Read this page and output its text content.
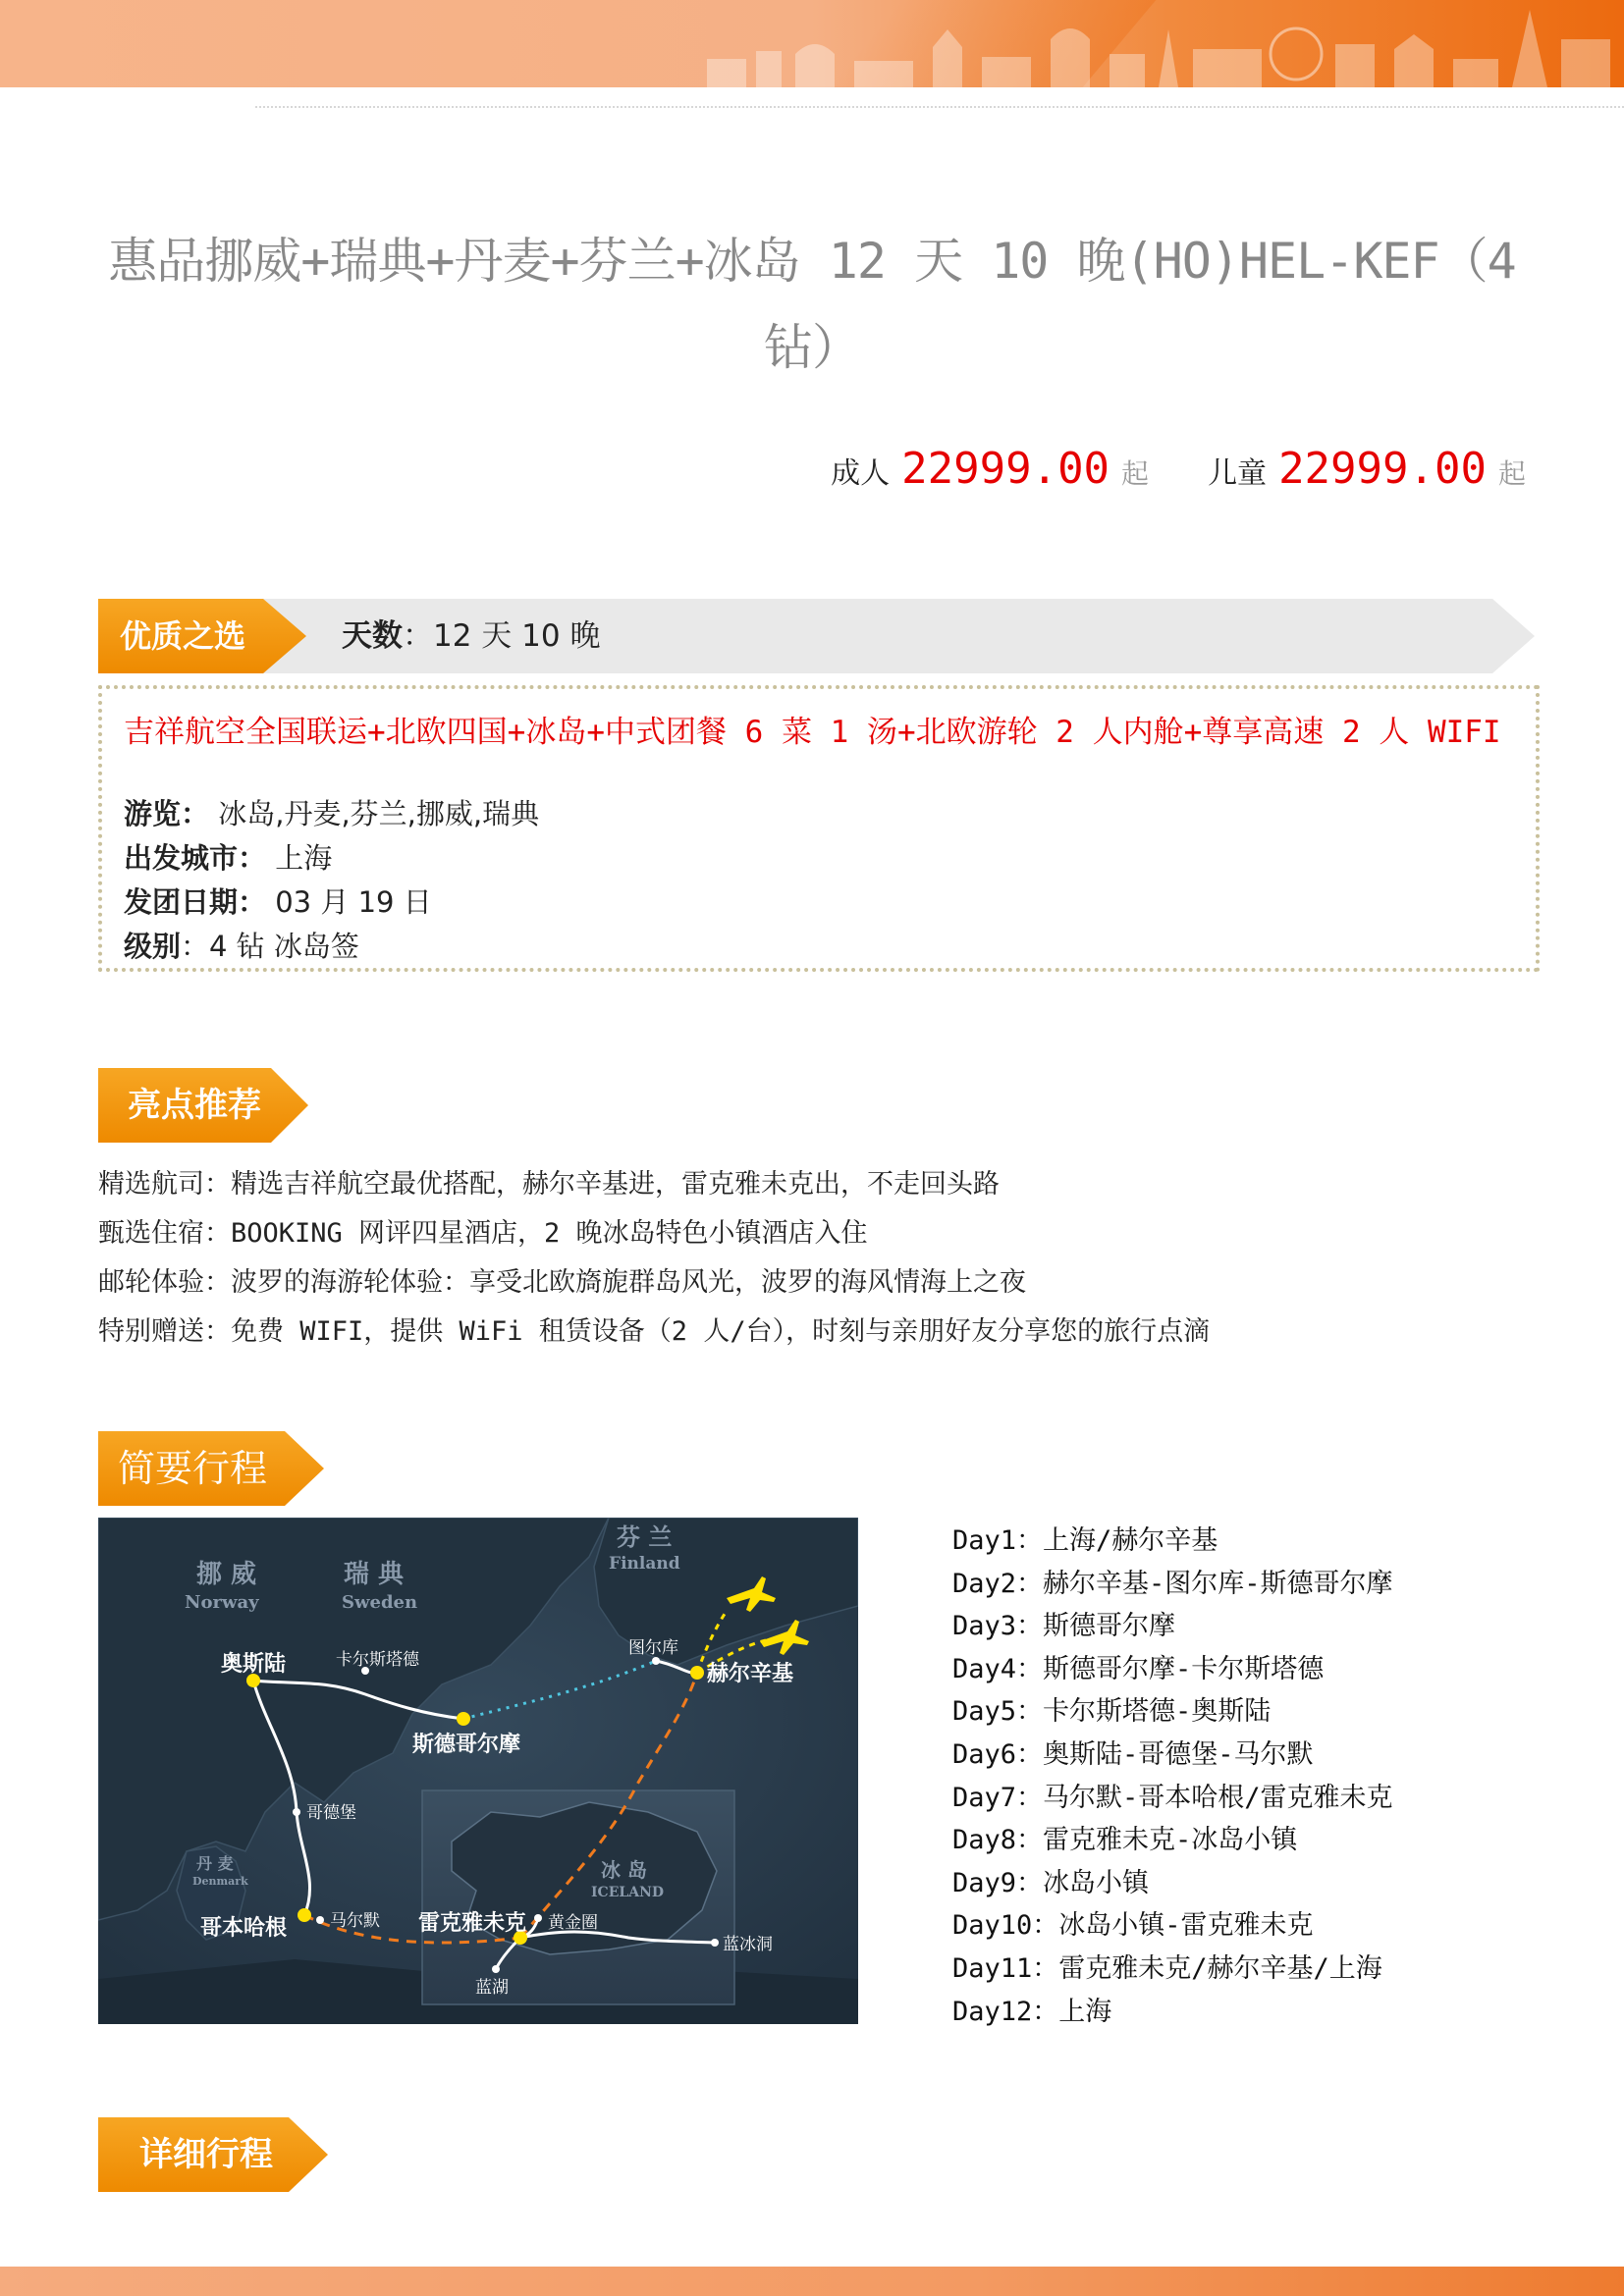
惠品挪威+瑞典+丹麦+芬兰+冰岛 12 天 10 晚(HO)HEL-KEF（4钻）
成人 22999.00 起 儿童 22999.00 起
优质之选	天数：12 天 10 晚
吉祥航空全国联运+北欧四国+冰岛+中式团餐 6 菜 1 汤+北欧游轮 2 人内舱+尊享高速 2 人 WIFI
游览： 冰岛,丹麦,芬兰,挪威,瑞典
出发城市： 上海
发团日期： 03 月 19 日
级别：4 钻 冰岛签
亮点推荐
精选航司：精选吉祥航空最优搭配，赫尔辛基进，雷克雅未克出，不走回头路
甄选住宿：BOOKING 网评四星酒店，2 晚冰岛特色小镇酒店入住
邮轮体验：波罗的海游轮体验：享受北欧旖旎群岛风光，波罗的海风情海上之夜
特别赠送：免费 WIFI，提供 WiFi 租赁设备（2 人/台），时刻与亲朋好友分享您的旅行点滴
简要行程
挪 威
Norway
瑞 典
Sweden
芬 兰
Finland
丹 麦
Denmark	冰 岛
ICELAND
奥斯陆	卡尔斯塔德
斯德哥尔摩
图尔库
赫尔辛基
哥德堡
哥本哈根	马尔默 雷克雅未克 黄金圈
蓝湖
蓝冰洞
Day1：上海/赫尔辛基
Day2：赫尔辛基-图尔库-斯德哥尔摩
Day3：斯德哥尔摩
Day4：斯德哥尔摩-卡尔斯塔德
Day5：卡尔斯塔德-奥斯陆
Day6：奥斯陆-哥德堡-马尔默
Day7：马尔默-哥本哈根/雷克雅未克
Day8：雷克雅未克-冰岛小镇
Day9：冰岛小镇
Day10：冰岛小镇-雷克雅未克
Day11：雷克雅未克/赫尔辛基/上海
Day12：上海
详细行程
